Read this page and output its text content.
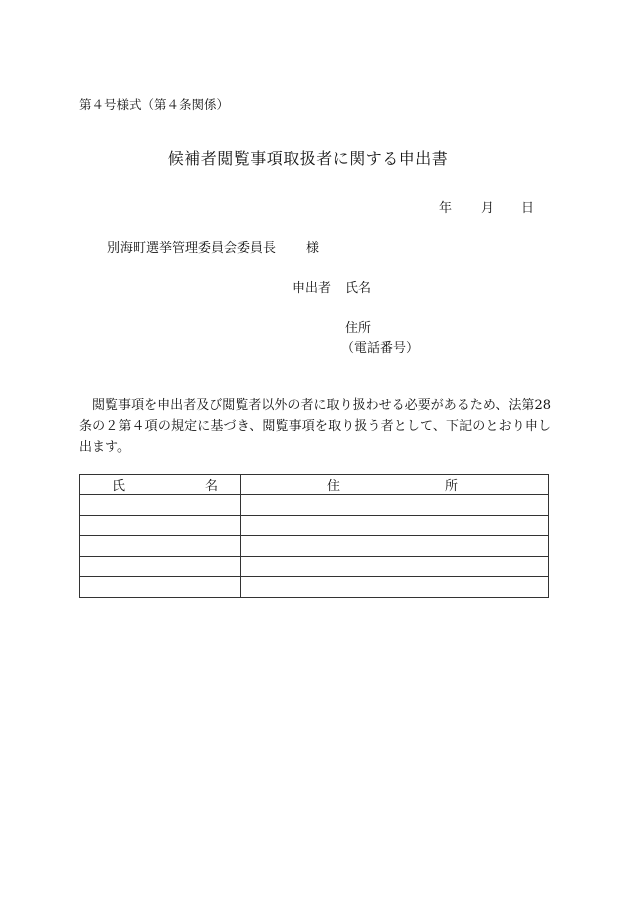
第４号様式（第４条関係）
候補者閲覧事項取扱者に関する申出書
年 月 日
別海町選挙管理委員会委員長 様
申出者 氏名
住所
（電話番号）
閲覧事項を申出者及び閲覧者以外の者に取り扱わせる必要があるため、法第28 条の２第４項の規定に基づき、閲覧事項を取り扱う者として、下記のとおり申し出ます。
氏 名	住 所
